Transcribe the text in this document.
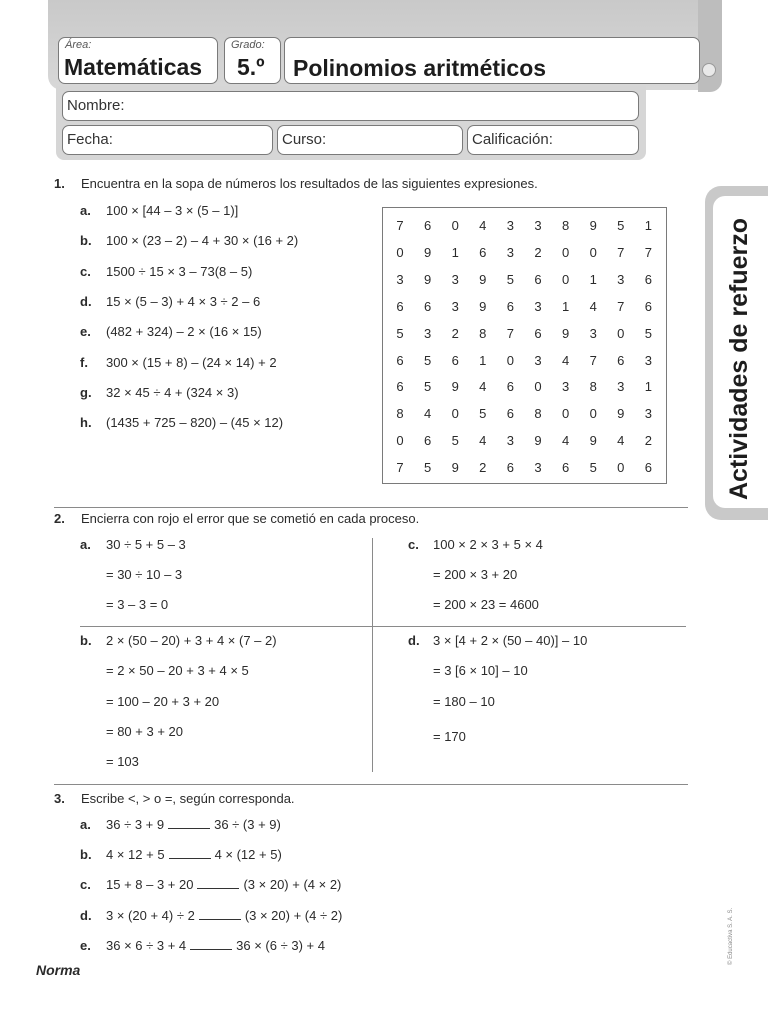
Área:
Matemáticas
Grado:
5.º Polinomios aritméticos
Nombre:
Fecha:	Curso:	Calificación:
Actividades de refuerzo
© Educactiva S. A. S.
1. Encuentra en la sopa de números los resultados de las siguientes expresiones.
a. 100 × [44 – 3 × (5 – 1)]
b. 100 × (23 – 2) – 4 + 30 × (16 + 2)
c. 1500 ÷ 15 × 3 – 73(8 – 5)
d. 15 × (5 – 3) + 4 × 3 ÷ 2 – 6
e. (482 + 324) – 2 × (16 × 15)
f. 300 × (15 + 8) – (24 × 14) + 2
g. 32 × 45 ÷ 4 + (324 × 3)
h. (1435 + 725 – 820) – (45 × 12)
7	6	0	4	3	3	8	9	5	1
0	9	1	6	3	2	0	0	7	7
3	9	3	9	5	6	0	1	3	6
6	6	3	9	6	3	1	4	7	6
5	3	2	8	7	6	9	3	0	5
6	5	6	1	0	3	4	7	6	3
6	5	9	4	6	0	3	8	3	1
8	4	0	5	6	8	0	0	9	3
0	6	5	4	3	9	4	9	4	2
7	5	9	2	6	3	6	5	0	6
2. Encierra con rojo el error que se cometió en cada proceso.
a. 30 ÷ 5 + 5 – 3
= 30 ÷ 10 – 3
= 3 – 3 = 0
c. 100 × 2 × 3 + 5 × 4
= 200 × 3 + 20
= 200 × 23 = 4600
b. 2 × (50 – 20) + 3 + 4 × (7 – 2)
= 2 × 50 – 20 + 3 + 4 × 5
= 100 – 20 + 3 + 20
= 80 + 3 + 20
= 103
d. 3 × [4 + 2 × (50 – 40)] – 10
= 3 [6 × 10] – 10
= 180 – 10
= 170
3. Escribe <, > o =, según corresponda.
a. 36 ÷ 3 + 9	36 ÷ (3 + 9)
b. 4 × 12 + 5	4 × (12 + 5)
c. 15 + 8 – 3 + 20	(3 × 20) + (4 × 2)
d. 3 × (20 + 4) ÷ 2	(3 × 20) + (4 ÷ 2)
e. 36 × 6 ÷ 3 + 4	36 × (6 ÷ 3) + 4
Norma
